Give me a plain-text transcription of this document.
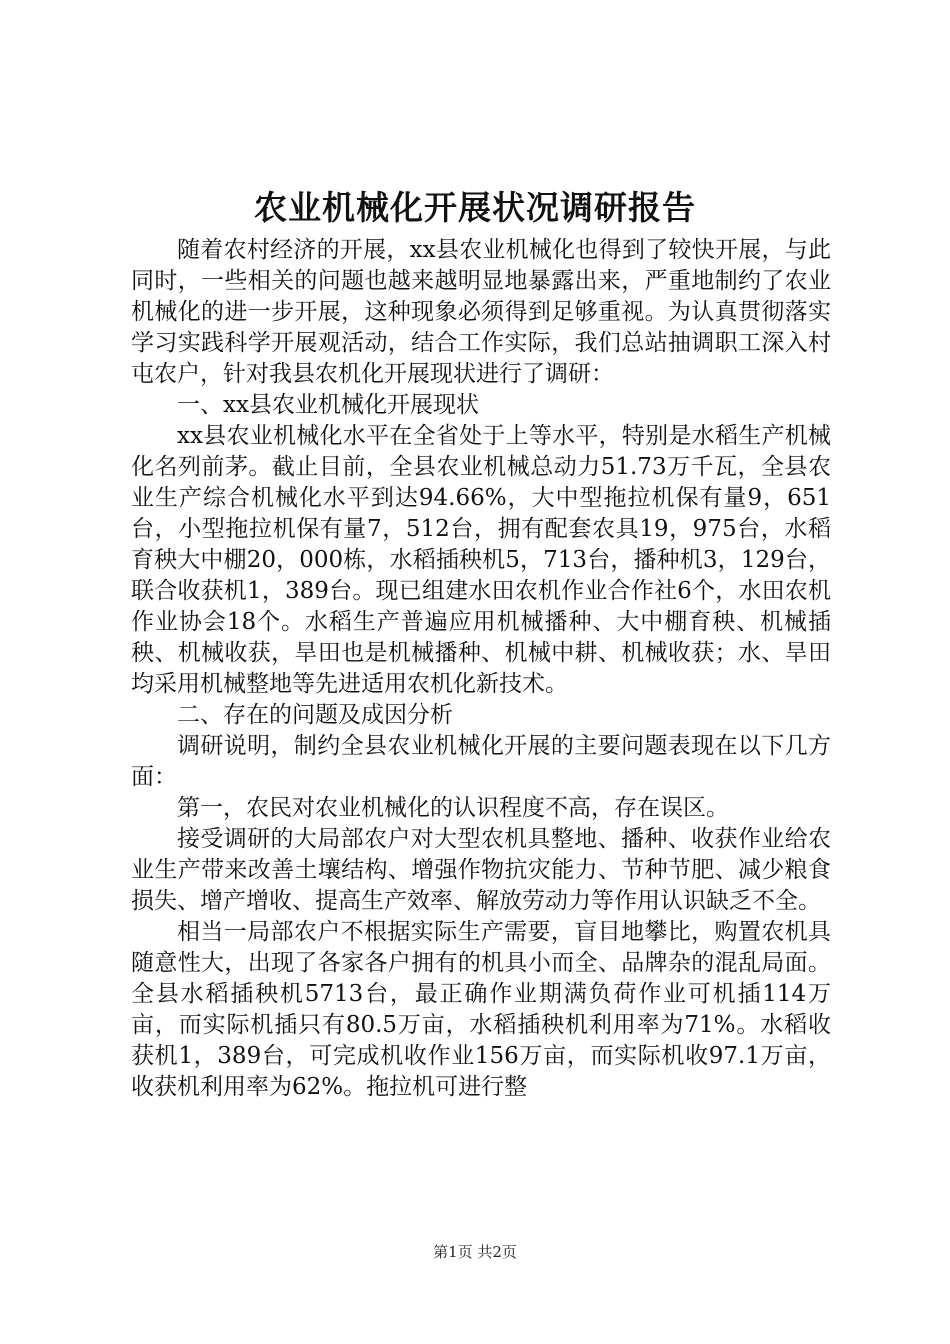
农业机械化开展状况调研报告

随着农村经济的开展，xx县农业机械化也得到了较快开展，与此同时，一些相关的问题也越来越明显地暴露出来，严重地制约了农业机械化的进一步开展，这种现象必须得到足够重视。为认真贯彻落实学习实践科学开展观活动，结合工作实际，我们总站抽调职工深入村屯农户，针对我县农机化开展现状进行了调研：

一、xx县农业机械化开展现状

xx县农业机械化水平在全省处于上等水平，特别是水稻生产机械化名列前茅。截止目前，全县农业机械总动力51.73万千瓦，全县农业生产综合机械化水平到达94.66%，大中型拖拉机保有量9，651台，小型拖拉机保有量7，512台，拥有配套农具19，975台，水稻育秧大中棚20，000栋，水稻插秧机5，713台，播种机3，129台，联合收获机1，389台。现已组建水田农机作业合作社6个，水田农机作业协会18个。水稻生产普遍应用机械播种、大中棚育秧、机械插秧、机械收获，旱田也是机械播种、机械中耕、机械收获；水、旱田均采用机械整地等先进适用农机化新技术。

二、存在的问题及成因分析

调研说明，制约全县农业机械化开展的主要问题表现在以下几方面：

第一，农民对农业机械化的认识程度不高，存在误区。

接受调研的大局部农户对大型农机具整地、播种、收获作业给农业生产带来改善土壤结构、增强作物抗灾能力、节种节肥、减少粮食损失、增产增收、提高生产效率、解放劳动力等作用认识缺乏不全。

相当一局部农户不根据实际生产需要，盲目地攀比，购置农机具随意性大，出现了各家各户拥有的机具小而全、品牌杂的混乱局面。全县水稻插秧机5713台，最正确作业期满负荷作业可机插114万亩，而实际机插只有80.5万亩，水稻插秧机利用率为71%。水稻收获机1，389台，可完成机收作业156万亩，而实际机收97.1万亩，收获机利用率为62%。拖拉机可进行整

第1页 共2页
